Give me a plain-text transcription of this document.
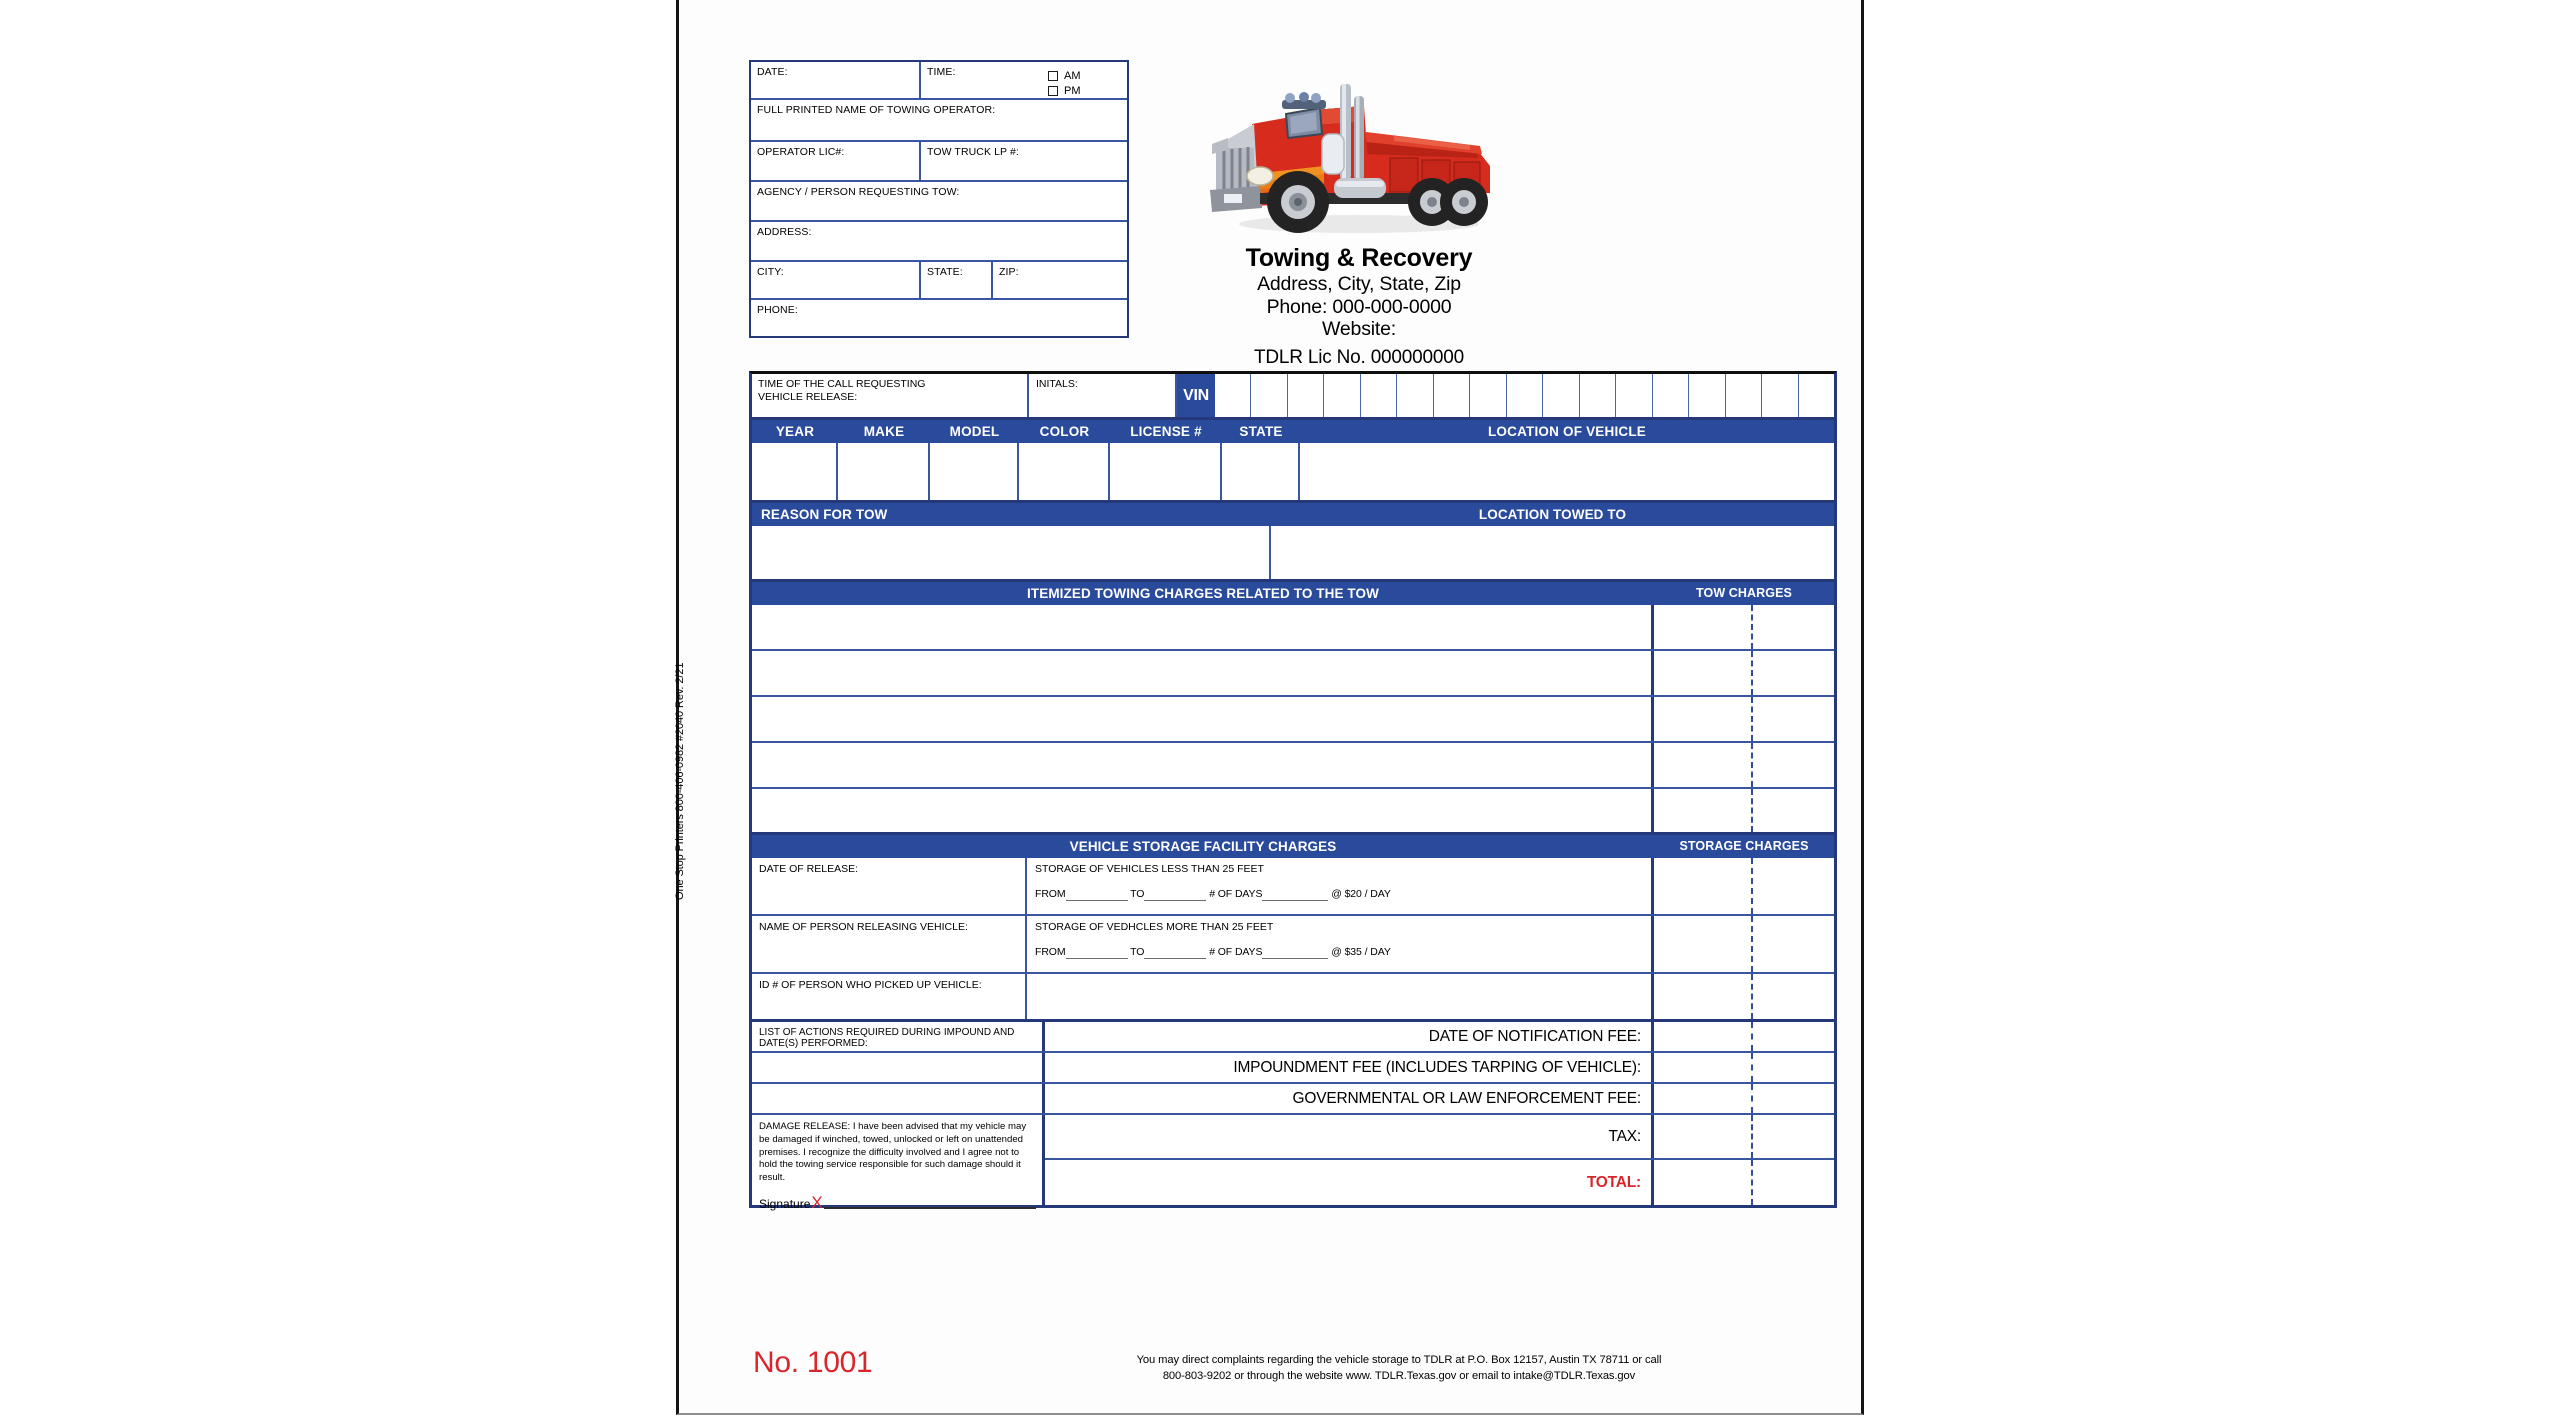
One Stop Printers 800-406-0982 #2040 Rev. 2/21
DATE:	TIME:	AM
PM
FULL PRINTED NAME OF TOWING OPERATOR:
OPERATOR LIC#:	TOW TRUCK LP #:
AGENCY / PERSON REQUESTING TOW:
ADDRESS:
CITY:	STATE:	ZIP:
PHONE:
Towing & Recovery
Address, City, State, Zip
Phone: 000-000-0000
Website:
TDLR Lic No. 000000000
TIME OF THE CALL REQUESTING
VEHICLE RELEASE:
INITALS:
VIN
YEAR	MAKE	MODEL	COLOR	LICENSE #	STATE	LOCATION OF VEHICLE
REASON FOR TOW	LOCATION TOWED TO
ITEMIZED TOWING CHARGES RELATED TO THE TOW	TOW CHARGES
VEHICLE STORAGE FACILITY CHARGES	STORAGE CHARGES
DATE OF RELEASE:	STORAGE OF VEHICLES LESS THAN 25 FEET
FROM	TO	# OF DAYS	@ $20 / DAY
NAME OF PERSON RELEASING VEHICLE:	STORAGE OF VEDHCLES MORE THAN 25 FEET
FROM	TO	# OF DAYS	@ $35 / DAY
ID # OF PERSON WHO PICKED UP VEHICLE:
LIST OF ACTIONS REQUIRED DURING IMPOUND AND DATE(S) PERFORMED:	DATE OF NOTIFICATION FEE:
IMPOUNDMENT FEE (INCLUDES TARPING OF VEHICLE):
GOVERNMENTAL OR LAW ENFORCEMENT FEE:
DAMAGE RELEASE: I have been advised that my vehicle may be damaged if winched, towed, unlocked or left on unattended premises. I recognize the difficulty involved and I agree not to hold the towing service responsible for such damage should it result.
Signature X
TAX:
TOTAL:
No. 1001	You may direct complaints regarding the vehicle storage to TDLR at P.O. Box 12157, Austin TX 78711 or call
800-803-9202 or through the website www. TDLR.Texas.gov or email to intake@TDLR.Texas.gov
